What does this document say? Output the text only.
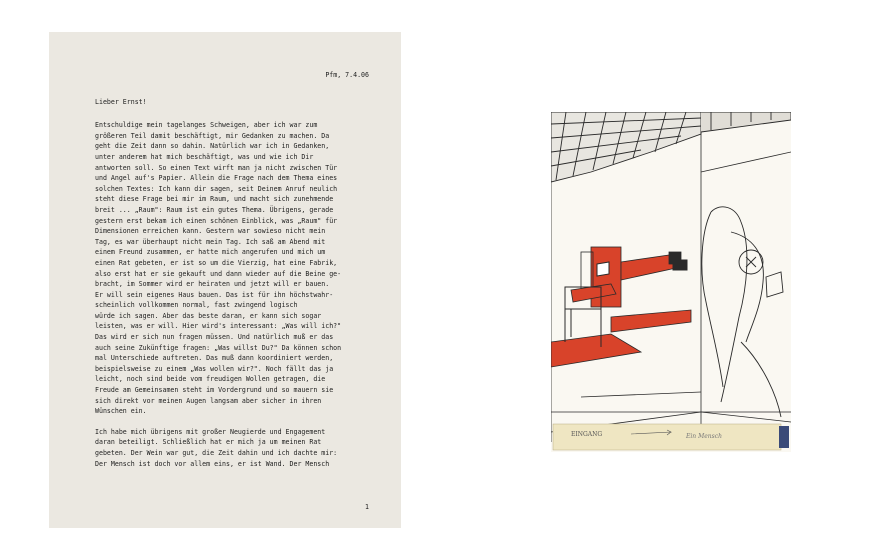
Pfm, 7.4.06
Lieber Ernst!
Entschuldige mein tagelanges Schweigen, aber ich war zum
größeren Teil damit beschäftigt, mir Gedanken zu machen. Da
geht die Zeit dann so dahin. Natürlich war ich in Gedanken,
unter anderem hat mich beschäftigt, was und wie ich Dir
antworten soll. So einen Text wirft man ja nicht zwischen Tür
und Angel auf's Papier. Allein die Frage nach dem Thema eines
solchen Textes: Ich kann dir sagen, seit Deinem Anruf neulich
steht diese Frage bei mir im Raum, und macht sich zunehmende
breit ... „Raum": Raum ist ein gutes Thema. Übrigens, gerade
gestern erst bekam ich einen schönen Einblick, was „Raum" für
Dimensionen erreichen kann. Gestern war sowieso nicht mein
Tag, es war überhaupt nicht mein Tag. Ich saß am Abend mit
einem Freund zusammen, er hatte mich angerufen und mich um
einen Rat gebeten, er ist so um die Vierzig, hat eine Fabrik,
also erst hat er sie gekauft und dann wieder auf die Beine ge-
bracht, im Sommer wird er heiraten und jetzt will er bauen.
Er will sein eigenes Haus bauen. Das ist für ihn höchstwahr-
scheinlich vollkommen normal, fast zwingend logisch
würde ich sagen. Aber das beste daran, er kann sich sogar
leisten, was er will. Hier wird's interessant: „Was will ich?"
Das wird er sich nun fragen müssen. Und natürlich muß er das
auch seine Zukünftige fragen: „Was willst Du?" Da können schon
mal Unterschiede auftreten. Das muß dann koordiniert werden,
beispielsweise zu einem „Was wollen wir?". Noch fällt das ja
leicht, noch sind beide vom freudigen Wollen getragen, die
Freude am Gemeinsamen steht im Vordergrund und so mauern sie
sich direkt vor meinen Augen langsam aber sicher in ihren
Wünschen ein.
Ich habe mich übrigens mit großer Neugierde und Engagement
daran beteiligt. Schließlich hat er mich ja um meinen Rat
gebeten. Der Wein war gut, die Zeit dahin und ich dachte mir:
Der Mensch ist doch vor allem eins, er ist Wand. Der Mensch
1
EINGANG	Ein Mensch
